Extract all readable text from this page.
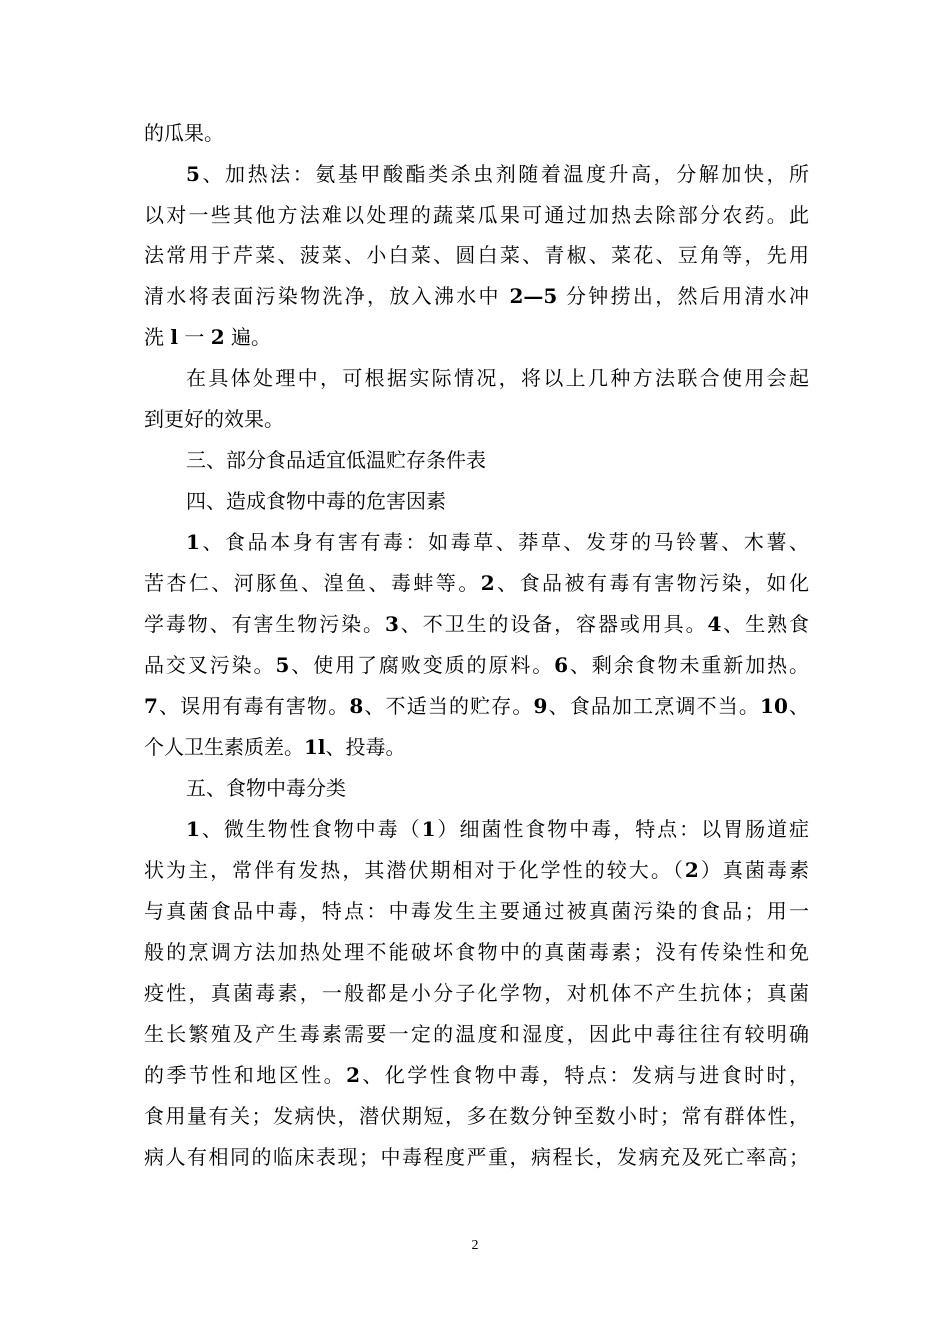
的瓜果。
5、加热法：氨基甲酸酯类杀虫剂随着温度升高，分解加快，所
以对一些其他方法难以处理的蔬菜瓜果可通过加热去除部分农药。此
法常用于芹菜、菠菜、小白菜、圆白菜、青椒、菜花、豆角等，先用
清水将表面污染物洗净，放入沸水中 2—5 分钟捞出，然后用清水冲
洗 l 一 2 遍。
在具体处理中，可根据实际情况，将以上几种方法联合使用会起
到更好的效果。
三、部分食品适宜低温贮存条件表
四、造成食物中毒的危害因素
1、食品本身有害有毒：如毒草、莽草、发芽的马铃薯、木薯、
苦杏仁、河豚鱼、湟鱼、毒蚌等。2、食品被有毒有害物污染，如化
学毒物、有害生物污染。3、不卫生的设备，容器或用具。4、生熟食
品交叉污染。5、使用了腐败变质的原料。6、剩余食物未重新加热。
7、误用有毒有害物。8、不适当的贮存。9、食品加工烹调不当。10、
个人卫生素质差。1l、投毒。
五、食物中毒分类
1、微生物性食物中毒（1）细菌性食物中毒，特点：以胃肠道症
状为主，常伴有发热，其潜伏期相对于化学性的较大。（2）真菌毒素
与真菌食品中毒，特点：中毒发生主要通过被真菌污染的食品；用一
般的烹调方法加热处理不能破坏食物中的真菌毒素；没有传染性和免
疫性，真菌毒素，一般都是小分子化学物，对机体不产生抗体；真菌
生长繁殖及产生毒素需要一定的温度和湿度，因此中毒往往有较明确
的季节性和地区性。2、化学性食物中毒，特点：发病与进食时时，
食用量有关；发病快，潜伏期短，多在数分钟至数小时；常有群体性，
病人有相同的临床表现；中毒程度严重，病程长，发病充及死亡率高；
2
